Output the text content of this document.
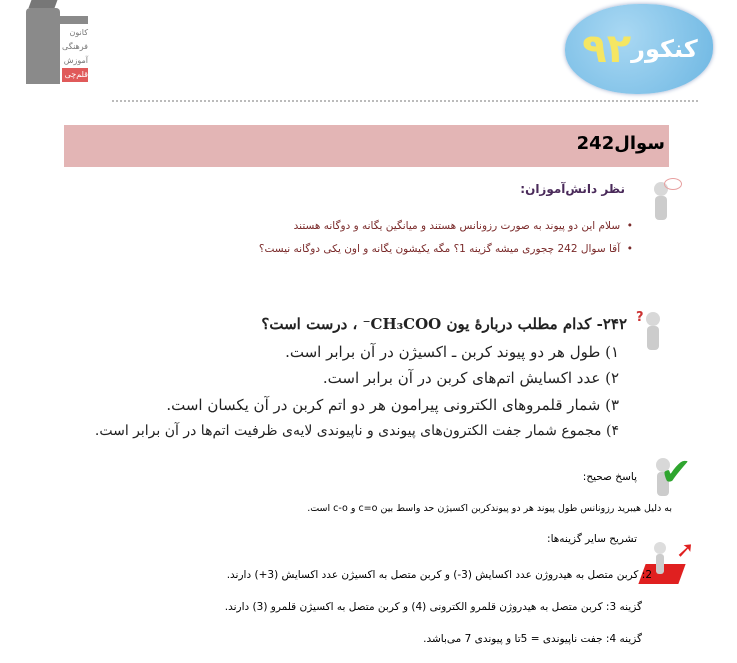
کانون
فرهنگی
آموزش
قلم‌چی
کنکور
۹۲
سوال242
نظر دانش‌آموزان:
•  سلام این دو پیوند به صورت رزونانس هستند و میانگین یگانه و دوگانه هستند
•  آقا سوال 242 چجوری میشه گزینه 1؟ مگه یکیشون یگانه و اون یکی دوگانه نیست؟
?
۲۴۲- کدام مطلب دربارهٔ یون CH₃COO⁻ ، درست است؟
۱) طول هر دو پیوند کربن ـ اکسیژن در آن برابر است.
۲) عدد اکسایش اتم‌های کربن در آن برابر است.
۳) شمار قلمروهای الکترونی پیرامون هر دو اتم کربن در آن یکسان است.
۴) مجموع شمار جفت الکترون‌های پیوندی و ناپیوندی لایه‌ی ظرفیت اتم‌ها در آن برابر است.
✔
پاسخ صحیح:
به دلیل هیبرید رزونانس طول پیوند هر دو پیوندکربن اکسیژن حد واسط بین c=o و c-o است.
➚
تشریح سایر گزینه‌ها:
2: کربن متصل به هیدروژن عدد اکسایش (3-) و کربن متصل به اکسیژن عدد اکسایش (3+) دارند.
گزینه 3: کربن متصل به هیدروژن قلمرو الکترونی (4) و کربن متصل به اکسیژن قلمرو (3) دارند.
گزینه 4: جفت ناپیوندی = 5تا و پیوندی 7 می‌باشد.
